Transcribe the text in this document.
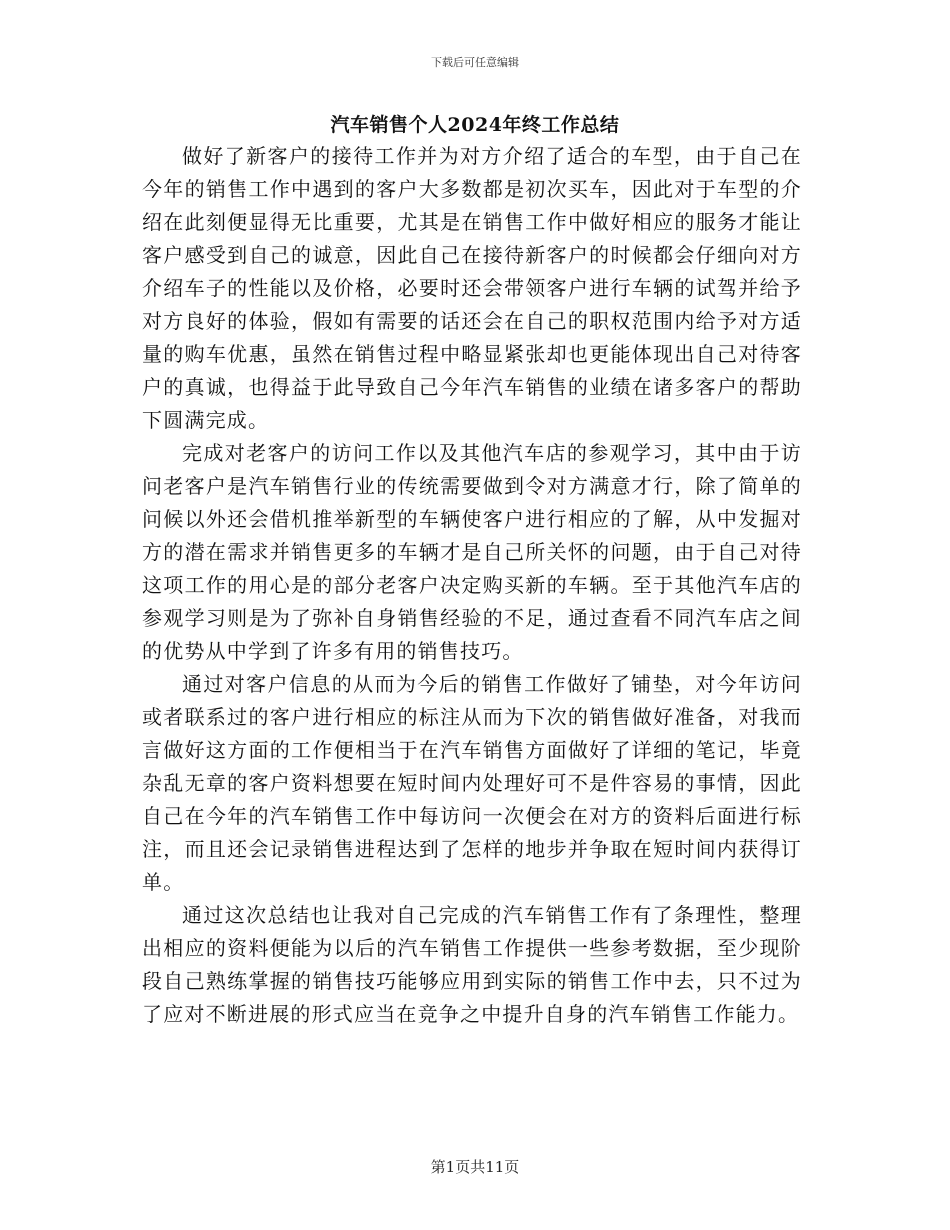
下载后可任意编辑
汽车销售个人2024年终工作总结

做好了新客户的接待工作并为对方介绍了适合的车型，由于自己在今年的销售工作中遇到的客户大多数都是初次买车，因此对于车型的介绍在此刻便显得无比重要，尤其是在销售工作中做好相应的服务才能让客户感受到自己的诚意，因此自己在接待新客户的时候都会仔细向对方介绍车子的性能以及价格，必要时还会带领客户进行车辆的试驾并给予对方良好的体验，假如有需要的话还会在自己的职权范围内给予对方适量的购车优惠，虽然在销售过程中略显紧张却也更能体现出自己对待客户的真诚，也得益于此导致自己今年汽车销售的业绩在诸多客户的帮助下圆满完成。

完成对老客户的访问工作以及其他汽车店的参观学习，其中由于访问老客户是汽车销售行业的传统需要做到令对方满意才行，除了简单的问候以外还会借机推举新型的车辆使客户进行相应的了解，从中发掘对方的潜在需求并销售更多的车辆才是自己所关怀的问题，由于自己对待这项工作的用心是的部分老客户决定购买新的车辆。至于其他汽车店的参观学习则是为了弥补自身销售经验的不足，通过查看不同汽车店之间的优势从中学到了许多有用的销售技巧。

通过对客户信息的从而为今后的销售工作做好了铺垫，对今年访问或者联系过的客户进行相应的标注从而为下次的销售做好准备，对我而言做好这方面的工作便相当于在汽车销售方面做好了详细的笔记，毕竟杂乱无章的客户资料想要在短时间内处理好可不是件容易的事情，因此自己在今年的汽车销售工作中每访问一次便会在对方的资料后面进行标注，而且还会记录销售进程达到了怎样的地步并争取在短时间内获得订单。

通过这次总结也让我对自己完成的汽车销售工作有了条理性，整理出相应的资料便能为以后的汽车销售工作提供一些参考数据，至少现阶段自己熟练掌握的销售技巧能够应用到实际的销售工作中去，只不过为了应对不断进展的形式应当在竞争之中提升自身的汽车销售工作能力。

第1页共11页
